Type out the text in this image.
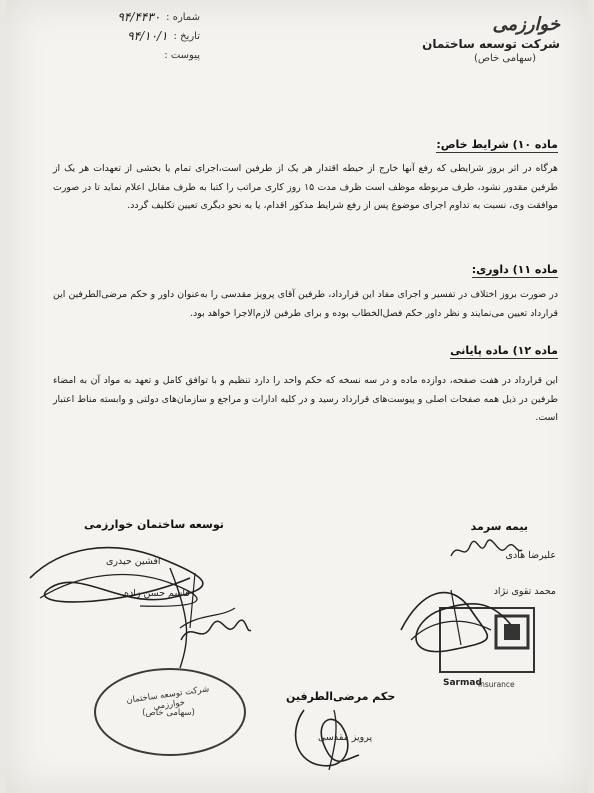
شماره :
۹۴/۴۴۳۰
تاریخ :
۹۴/۱۰/۱
پیوست :
خوارزمی
شرکت توسعه ساختمان
(سهامی خاص)
ماده ۱۰) شرایط خاص:
هرگاه در اثر بروز شرایطی که رفع آنها خارج از حیطه اقتدار هر یک از طرفین است،اجرای تمام یا بخشی از تعهدات هر یک از طرفین مقدور نشود، طرف مربوطه موظف است ظرف مدت ۱۵ روز کاری مراتب را کتبا به طرف مقابل اعلام نماید تا در صورت موافقت وی، نسبت به تداوم اجرای موضوع پس از رفع شرایط مذکور اقدام، یا به نحو دیگری تعیین تکلیف گردد.
ماده ۱۱) داوری:
در صورت بروز اختلاف در تفسیر و اجرای مفاد این قرارداد، طرفین آقای پرویز مقدسی را به‌عنوان داور و حکم مرضی‌الطرفین این قرارداد تعیین می‌نمایند و نظر داور حکم فصل‌الخطاب بوده و برای طرفین لازم‌الاجرا خواهد بود.
ماده ۱۲) ماده پایانی
این قرارداد در هفت صفحه، دوازده ماده و در سه نسخه که حکم واحد را دارد تنظیم و با توافق کامل و تعهد به مواد آن به امضاء طرفین در ذیل همه صفحات اصلی و پیوست‌های قرارداد رسید و در کلیه ادارات و مراجع و سازمان‌های دولتی و وابسته مناط اعتبار است.
توسعه ساختمان خوارزمی
افشین حیدری
قاسم حسن زاده
شرکت توسعه ساختمان خوارزمی
(سهامی خاص)
بیمه سرمد
علیرضا هادی
محمد تقوی نژاد
Sarmad
insurance
حکم مرضی‌الطرفین
پرویز مقدسی
